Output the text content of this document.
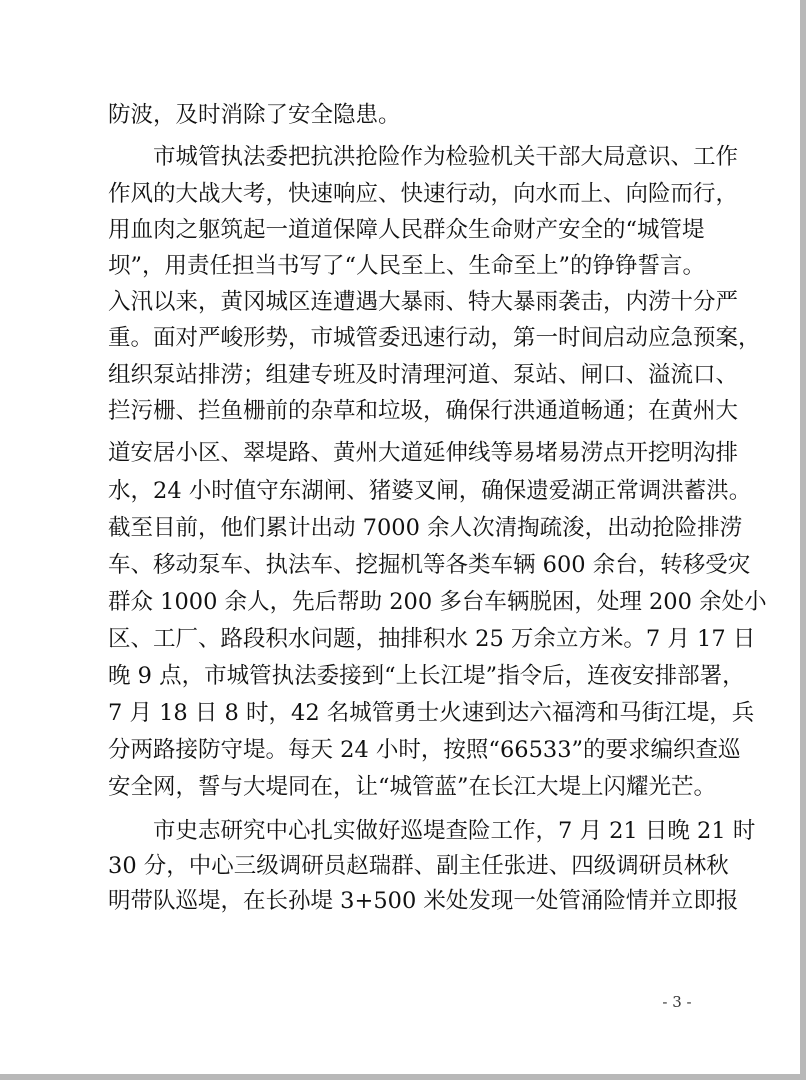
防波，及时消除了安全隐患。
市城管执法委把抗洪抢险作为检验机关干部大局意识、工作
作风的大战大考，快速响应、快速行动，向水而上、向险而行，
用血肉之躯筑起一道道保障人民群众生命财产安全的“城管堤
坝”，用责任担当书写了“人民至上、生命至上”的铮铮誓言。
入汛以来，黄冈城区连遭遇大暴雨、特大暴雨袭击，内涝十分严
重。面对严峻形势，市城管委迅速行动，第一时间启动应急预案，
组织泵站排涝；组建专班及时清理河道、泵站、闸口、溢流口、
拦污栅、拦鱼栅前的杂草和垃圾，确保行洪通道畅通；在黄州大
道安居小区、翠堤路、黄州大道延伸线等易堵易涝点开挖明沟排
水，24 小时值守东湖闸、猪婆叉闸，确保遗爱湖正常调洪蓄洪。
截至目前，他们累计出动 7000 余人次清掏疏浚，出动抢险排涝
车、移动泵车、执法车、挖掘机等各类车辆 600 余台，转移受灾
群众 1000 余人，先后帮助 200 多台车辆脱困，处理 200 余处小
区、工厂、路段积水问题，抽排积水 25 万余立方米。7 月 17 日
晚 9 点，市城管执法委接到“上长江堤”指令后，连夜安排部署，
7 月 18 日 8 时，42 名城管勇士火速到达六福湾和马街江堤，兵
分两路接防守堤。每天 24 小时，按照“66533”的要求编织查巡
安全网，誓与大堤同在，让“城管蓝”在长江大堤上闪耀光芒。
市史志研究中心扎实做好巡堤查险工作，7 月 21 日晚 21 时
30 分，中心三级调研员赵瑞群、副主任张进、四级调研员林秋
明带队巡堤，在长孙堤 3+500 米处发现一处管涌险情并立即报
- 3 -
